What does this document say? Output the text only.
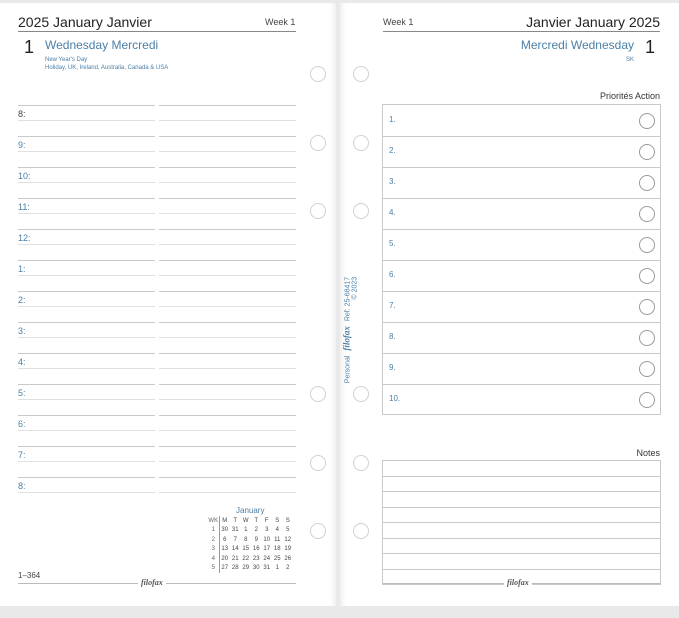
2025 January Janvier	Week 1
1 Wednesday Mercredi
New Year's Day
Holiday, UK, Ireland, Australia, Canada & USA
8:
9:
10:
11:
12:
1:
2:
3:
4:
5:
6:
7:
8:
January
WK	M	T	W	T	F	S	S
1	30	31	1	2	3	4	5
2	6	7	8	9	10	11	12
3	13	14	15	16	17	18	19
4	20	21	22	23	24	25	26
5	27	28	29	30	31	1	2
1–364
filofax
Personal filofax Ref: 25-68417 © 2023
Week 1	Janvier January 2025
Mercredi Wednesday 1
SK
Priorités Action
1.
2.
3.
4.
5.
6.
7.
8.
9.
10.
Notes
filofax
